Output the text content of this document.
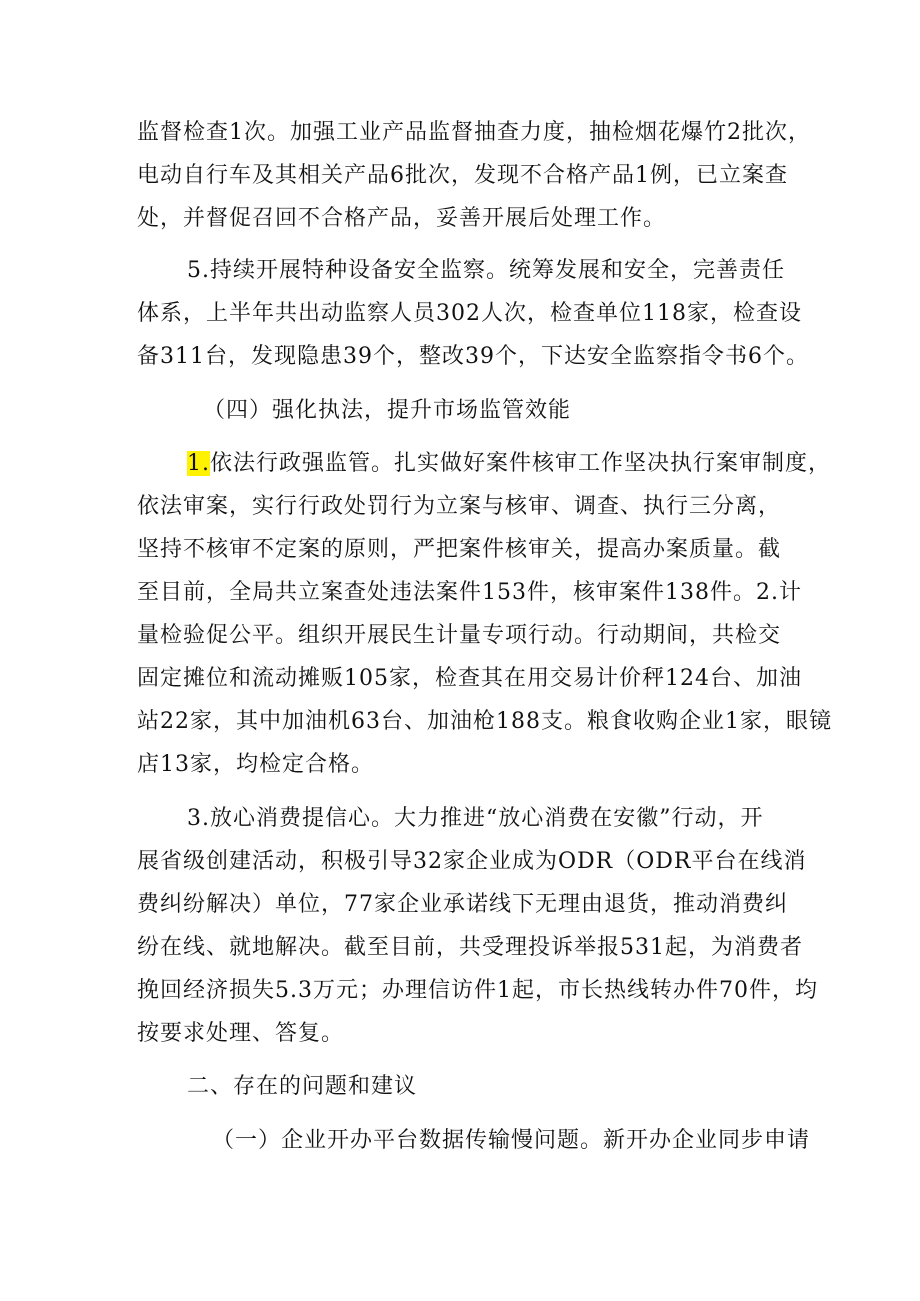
监督检查1次。加强工业产品监督抽查力度，抽检烟花爆竹2批次，

电动自行车及其相关产品6批次，发现不合格产品1例，已立案查

处，并督促召回不合格产品，妥善开展后处理工作。

5.持续开展特种设备安全监察。统筹发展和安全，完善责任

体系，上半年共出动监察人员302人次，检查单位118家，检查设

备311台，发现隐患39个，整改39个，下达安全监察指令书6个。

（四）强化执法，提升市场监管效能

1.依法行政强监管。扎实做好案件核审工作坚决执行案审制度，

依法审案，实行行政处罚行为立案与核审、调查、执行三分离，

坚持不核审不定案的原则，严把案件核审关，提高办案质量。截

至目前，全局共立案查处违法案件153件，核审案件138件。2.计

量检验促公平。组织开展民生计量专项行动。行动期间，共检交

固定摊位和流动摊贩105家，检查其在用交易计价秤124台、加油

站22家，其中加油机63台、加油枪188支。粮食收购企业1家，眼镜

店13家，均检定合格。

3.放心消费提信心。大力推进“放心消费在安徽”行动，开

展省级创建活动，积极引导32家企业成为ODR（ODR平台在线消

费纠纷解决）单位，77家企业承诺线下无理由退货，推动消费纠

纷在线、就地解决。截至目前，共受理投诉举报531起，为消费者

挽回经济损失5.3万元；办理信访件1起，市长热线转办件70件，均

按要求处理、答复。

二、存在的问题和建议

（一）企业开办平台数据传输慢问题。新开办企业同步申请
